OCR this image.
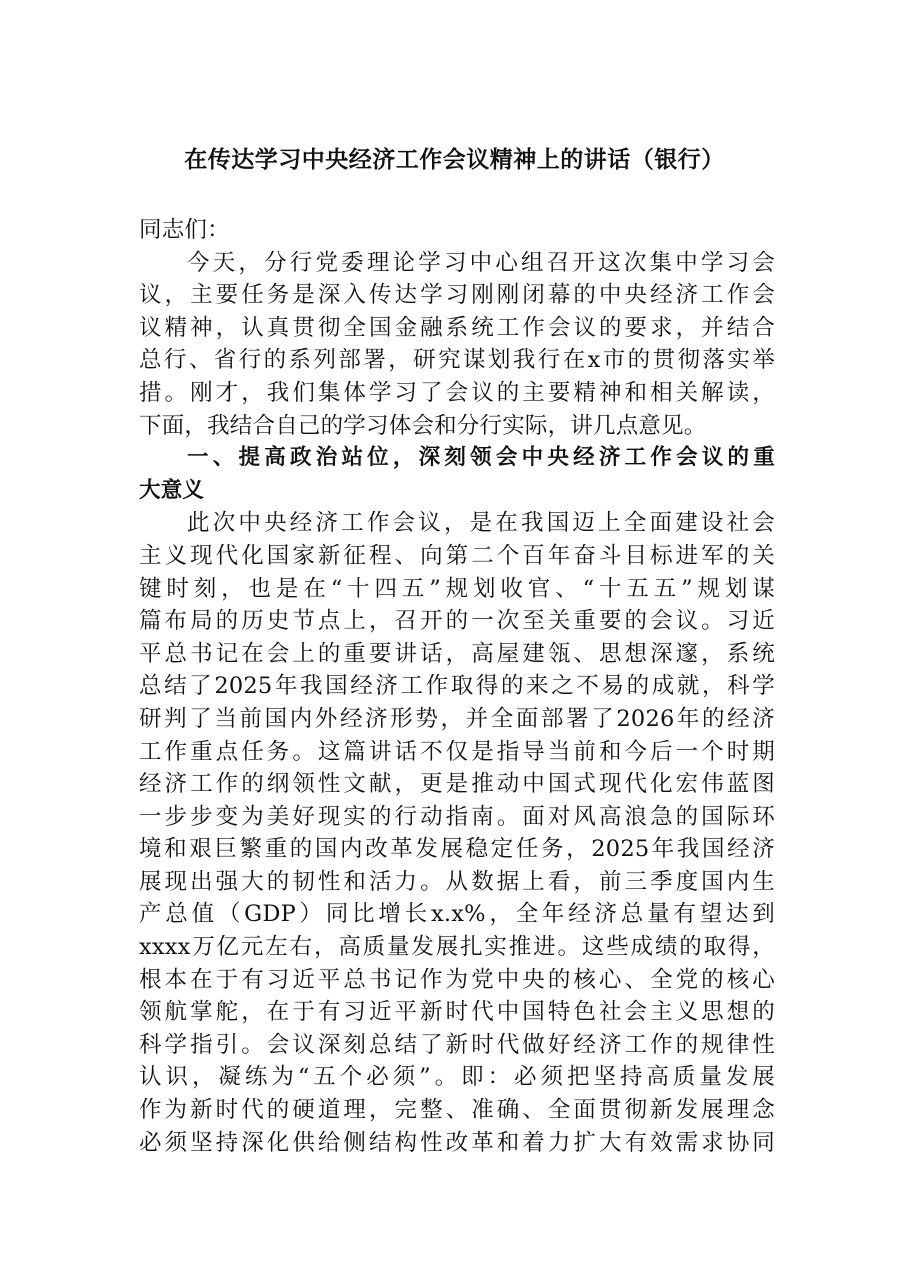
在传达学习中央经济工作会议精神上的讲话（银行）
同志们：
今天，分行党委理论学习中心组召开这次集中学习会
议，主要任务是深入传达学习刚刚闭幕的中央经济工作会
议精神，认真贯彻全国金融系统工作会议的要求，并结合
总行、省行的系列部署，研究谋划我行在x市的贯彻落实举
措。刚才，我们集体学习了会议的主要精神和相关解读，
下面，我结合自己的学习体会和分行实际，讲几点意见。
一、提高政治站位，深刻领会中央经济工作会议的重
大意义
此次中央经济工作会议，是在我国迈上全面建设社会
主义现代化国家新征程、向第二个百年奋斗目标进军的关
键时刻，也是在“十四五”规划收官、“十五五”规划谋
篇布局的历史节点上，召开的一次至关重要的会议。习近
平总书记在会上的重要讲话，高屋建瓴、思想深邃，系统
总结了2025年我国经济工作取得的来之不易的成就，科学
研判了当前国内外经济形势，并全面部署了2026年的经济
工作重点任务。这篇讲话不仅是指导当前和今后一个时期
经济工作的纲领性文献，更是推动中国式现代化宏伟蓝图
一步步变为美好现实的行动指南。面对风高浪急的国际环
境和艰巨繁重的国内改革发展稳定任务，2025年我国经济
展现出强大的韧性和活力。从数据上看，前三季度国内生
产总值（GDP）同比增长x.x%，全年经济总量有望达到
xxxx万亿元左右，高质量发展扎实推进。这些成绩的取得，
根本在于有习近平总书记作为党中央的核心、全党的核心
领航掌舵，在于有习近平新时代中国特色社会主义思想的
科学指引。会议深刻总结了新时代做好经济工作的规律性
认识，凝练为“五个必须”。即：必须把坚持高质量发展
作为新时代的硬道理，完整、准确、全面贯彻新发展理念
必须坚持深化供给侧结构性改革和着力扩大有效需求协同
